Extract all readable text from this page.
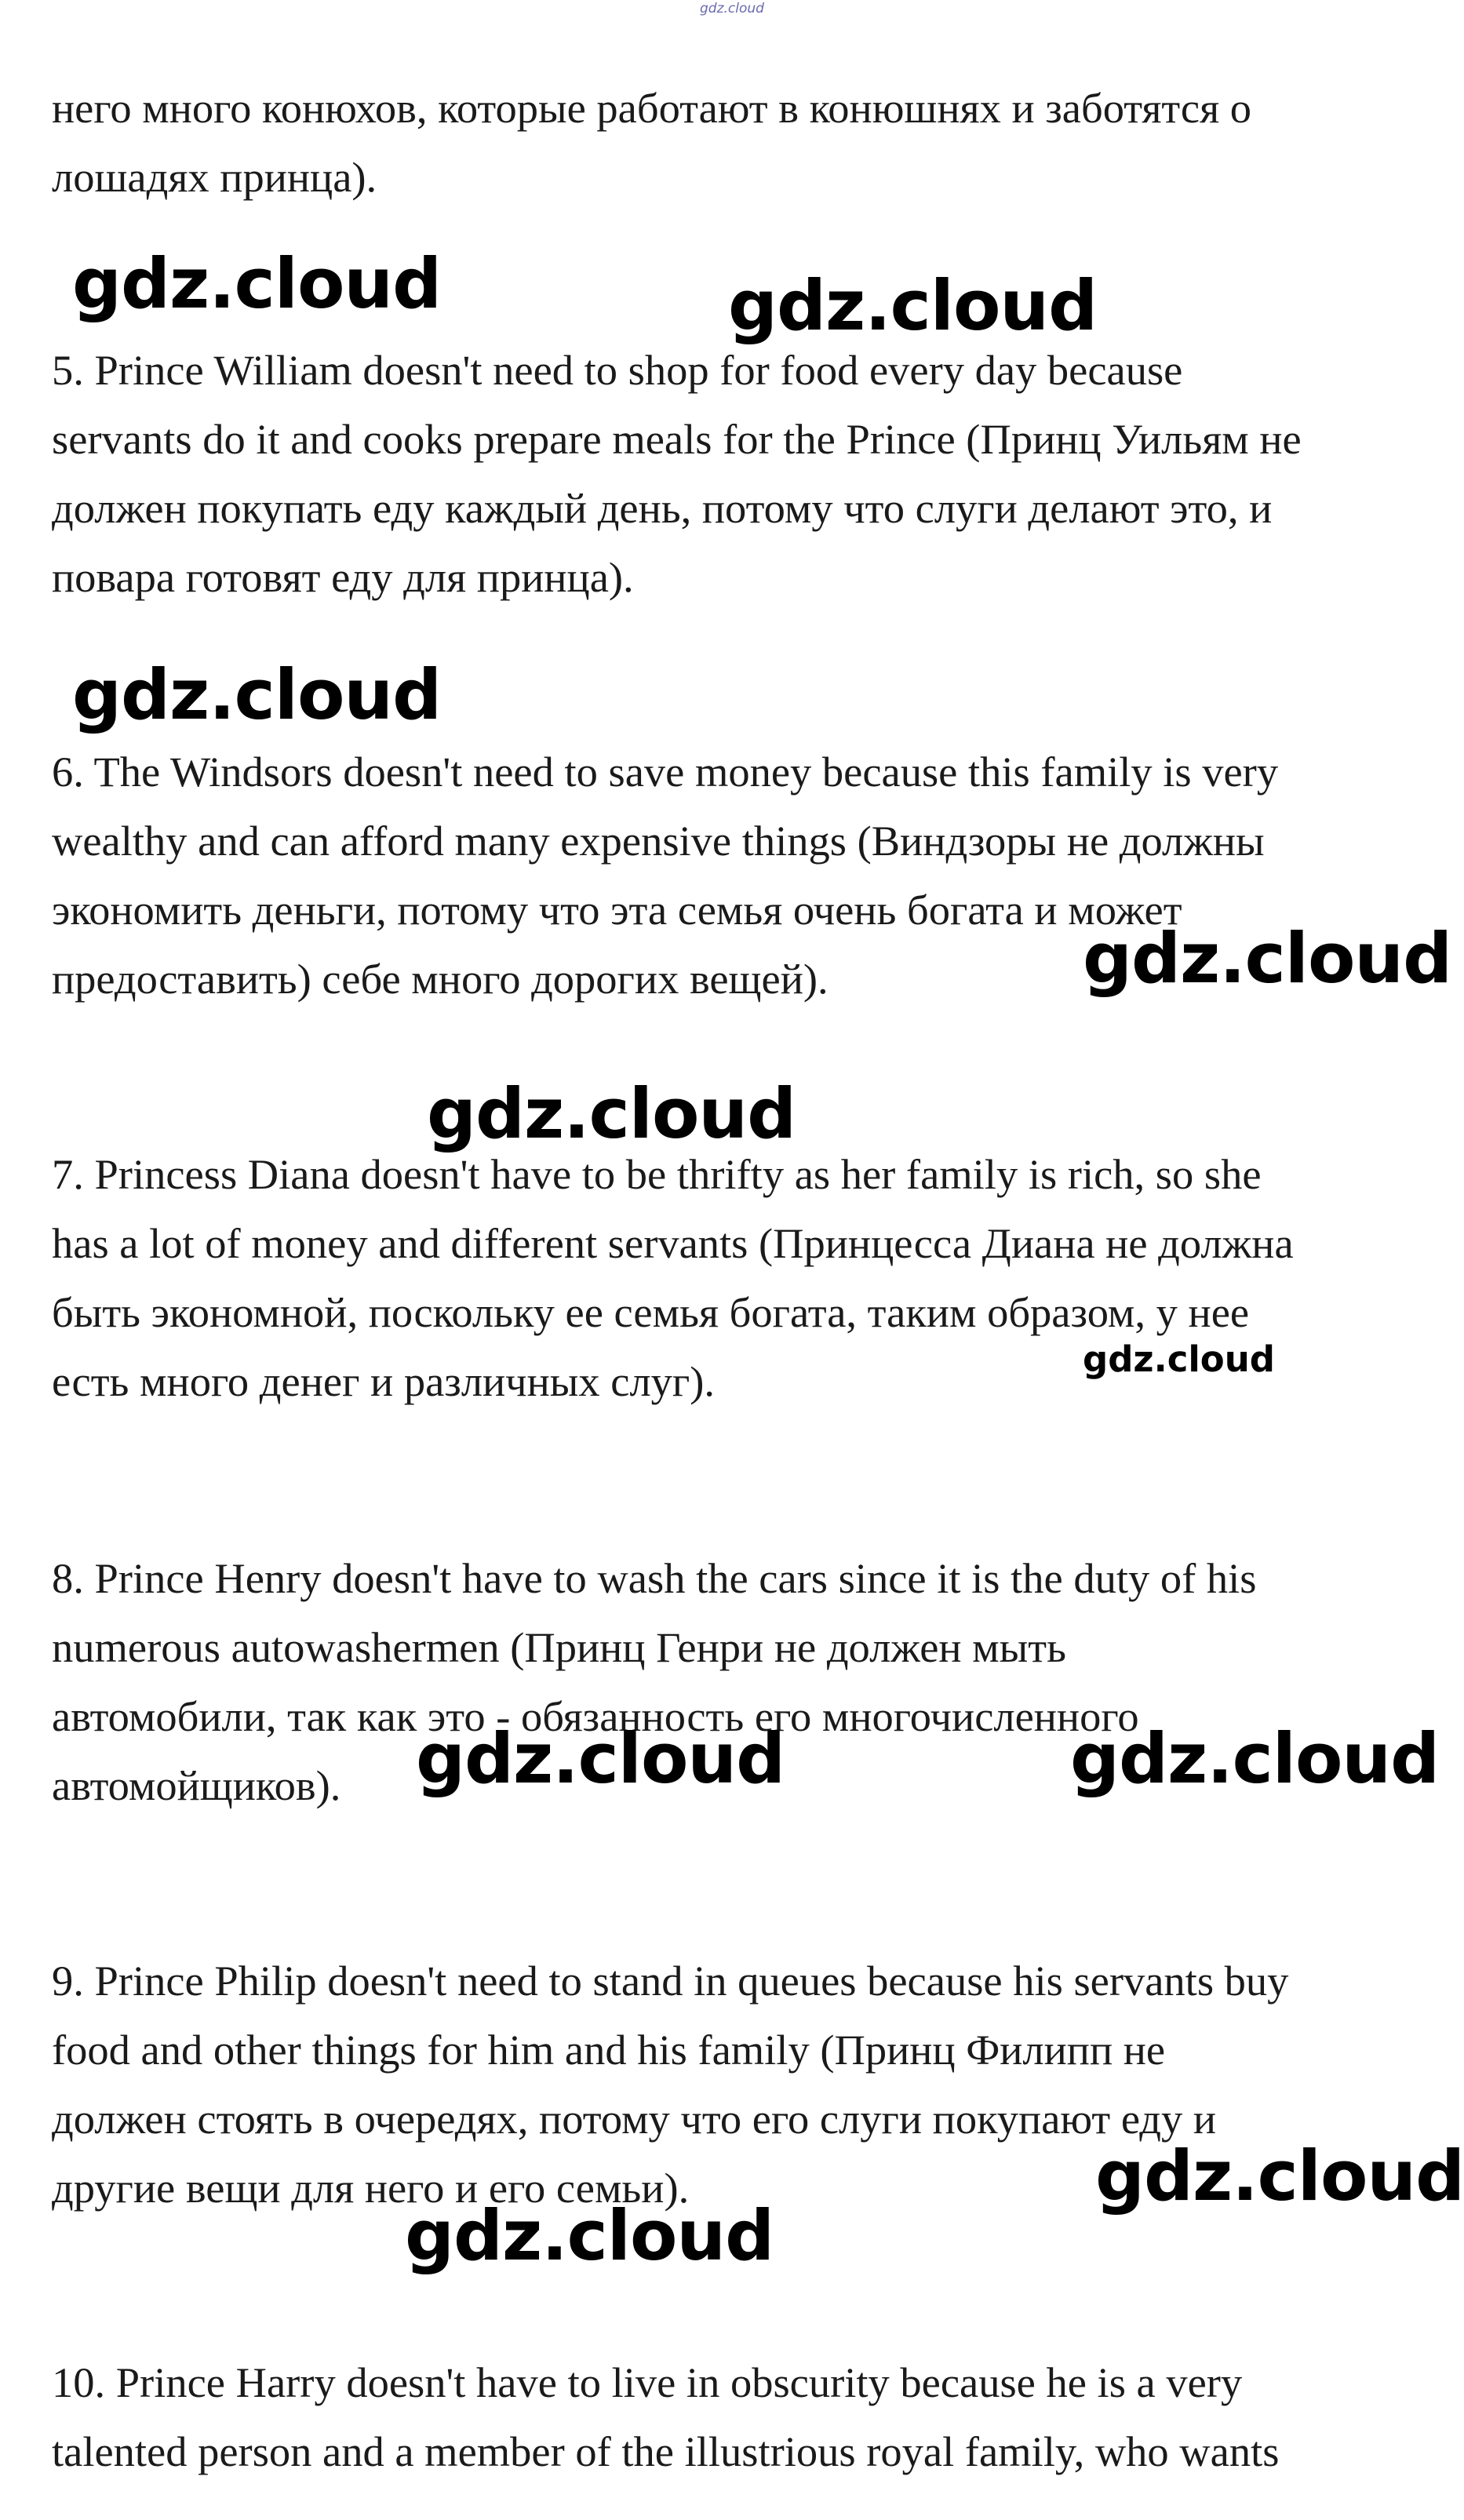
gdz.cloud
него много конюхов, которые работают в конюшнях и заботятся о
лошадях принца).
5. Prince William doesn't need to shop for food every day because
servants do it and cooks prepare meals for the Prince (Принц Уильям не
должен покупать еду каждый день, потому что слуги делают это, и
повара готовят еду для принца).
6. The Windsors doesn't need to save money because this family is very
wealthy and can afford many expensive things (Виндзоры не должны
экономить деньги, потому что эта семья очень богата и может
предоставить) себе много дорогих вещей).
7. Princess Diana doesn't have to be thrifty as her family is rich, so she
has a lot of money and different servants (Принцесса Диана не должна
быть экономной, поскольку ее семья богата, таким образом, у нее
есть много денег и различных слуг).
8. Prince Henry doesn't have to wash the cars since it is the duty of his
numerous autowashermen (Принц Генри не должен мыть
автомобили, так как это - обязанность его многочисленного
автомойщиков).
9. Prince Philip doesn't need to stand in queues because his servants buy
food and other things for him and his family (Принц Филипп не
должен стоять в очередях, потому что его слуги покупают еду и
другие вещи для него и его семьи).
10. Prince Harry doesn't have to live in obscurity because he is a very
talented person and a member of the illustrious royal family, who wants
gdz.cloud	gdz.cloud
gdz.cloud
gdz.cloud
gdz.cloud
gdz.cloud
gdz.cloud	gdz.cloud
gdz.cloud
gdz.cloud
